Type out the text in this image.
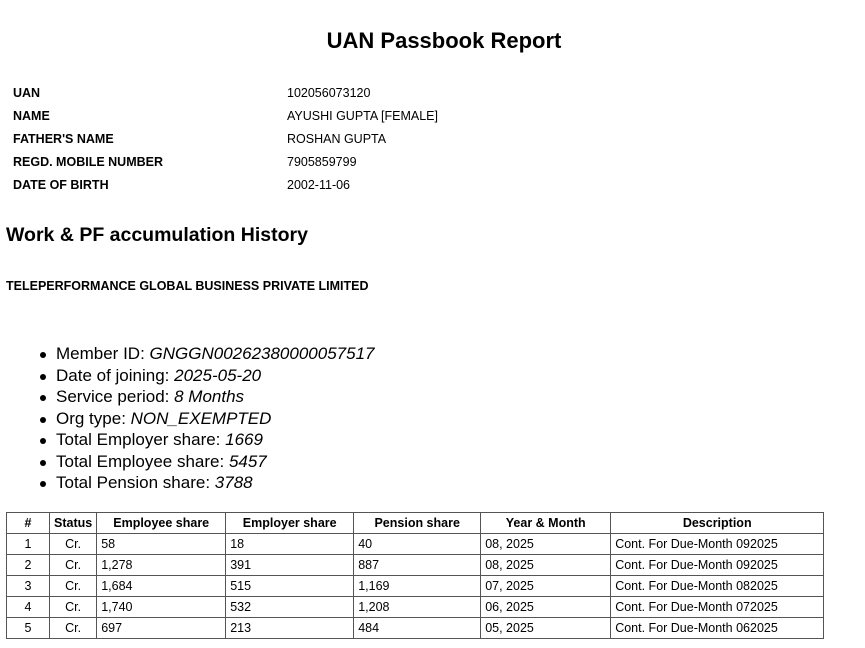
UAN Passbook Report
UAN	102056073120
NAME	AYUSHI GUPTA [FEMALE]
FATHER'S NAME	ROSHAN GUPTA
REGD. MOBILE NUMBER	7905859799
DATE OF BIRTH	2002-11-06
Work & PF accumulation History
TELEPERFORMANCE GLOBAL BUSINESS PRIVATE LIMITED
Member ID: GNGGN00262380000057517
Date of joining: 2025-05-20
Service period: 8 Months
Org type: NON_EXEMPTED
Total Employer share: 1669
Total Employee share: 5457
Total Pension share: 3788
#	Status	Employee share	Employer share	Pension share	Year & Month	Description
1	Cr.	58	18	40	08, 2025	Cont. For Due-Month 092025
2	Cr.	1,278	391	887	08, 2025	Cont. For Due-Month 092025
3	Cr.	1,684	515	1,169	07, 2025	Cont. For Due-Month 082025
4	Cr.	1,740	532	1,208	06, 2025	Cont. For Due-Month 072025
5	Cr.	697	213	484	05, 2025	Cont. For Due-Month 062025
